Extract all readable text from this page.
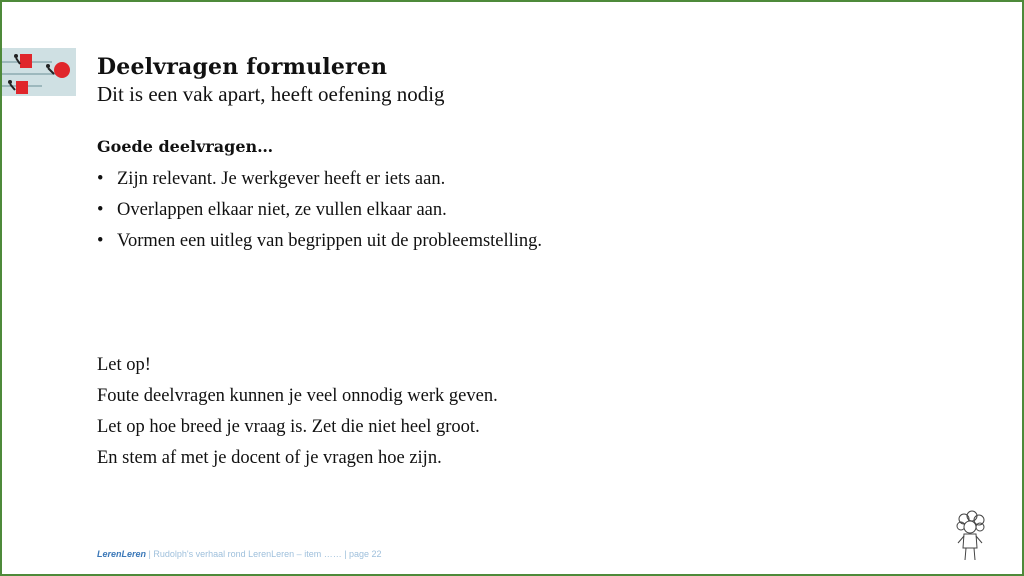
Deelvragen formuleren
Dit is een vak apart, heeft oefening nodig
Goede deelvragen…
• Zijn relevant. Je werkgever heeft er iets aan.
• Overlappen elkaar niet, ze vullen elkaar aan.
• Vormen een uitleg van begrippen uit de probleemstelling.
Let op!
Foute deelvragen kunnen je veel onnodig werk geven.
Let op hoe breed je vraag is. Zet die niet heel groot.
En stem af met je docent of je vragen hoe zijn.
LerenLeren | Rudolph's verhaal rond LerenLeren – item …… | page 22
